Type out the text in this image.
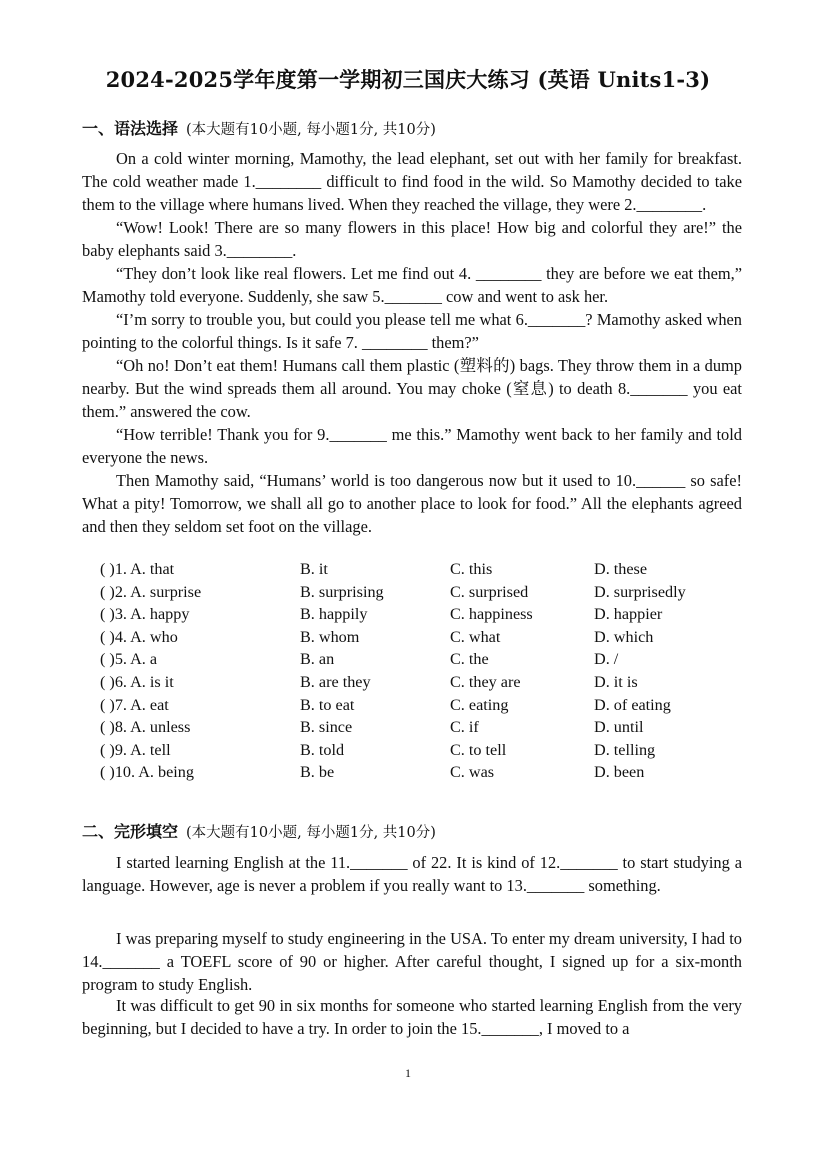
2024-2025学年度第一学期初三国庆大练习 (英语 Units1-3)
一、语法选择 (本大题有10小题, 每小题1分, 共10分)

On a cold winter morning, Mamothy, the lead elephant, set out with her family for breakfast. The cold weather made 1.________ difficult to find food in the wild. So Mamothy decided to take them to the village where humans lived. When they reached the village, they were 2.________.

“Wow! Look! There are so many flowers in this place! How big and colorful they are!” the baby elephants said 3.________.

“They don’t look like real flowers. Let me find out 4. ________ they are before we eat them,” Mamothy told everyone. Suddenly, she saw 5._______ cow and went to ask her.

“I’m sorry to trouble you, but could you please tell me what 6._______? Mamothy asked when pointing to the colorful things. Is it safe 7. ________ them?”

“Oh no! Don’t eat them! Humans call them plastic (塑料的) bags. They throw them in a dump nearby. But the wind spreads them all around. You may choke (窒息) to death 8._______ you eat them.” answered the cow.

“How terrible! Thank you for 9._______ me this.” Mamothy went back to her family and told everyone the news.

Then Mamothy said, “Humans’ world is too dangerous now but it used to 10.______ so safe! What a pity! Tomorrow, we shall all go to another place to look for food.” All the elephants agreed and then they seldom set foot on the village.

( )1. A. that	B. it	C. this	D. these
( )2. A. surprise	B. surprising	C. surprised	D. surprisedly
( )3. A. happy	B. happily	C. happiness	D. happier
( )4. A. who	B. whom	C. what	D. which
( )5. A. a	B. an	C. the	D. /
( )6. A. is it	B. are they	C. they are	D. it is
( )7. A. eat	B. to eat	C. eating	D. of eating
( )8. A. unless	B. since	C. if	D. until
( )9. A. tell	B. told	C. to tell	D. telling
( )10. A. being	B. be	C. was	D. been
二、完形填空 (本大题有10小题, 每小题1分, 共10分)

I started learning English at the 11._______ of 22. It is kind of 12._______ to start studying a language. However, age is never a problem if you really want to 13._______ something.

I was preparing myself to study engineering in the USA. To enter my dream university, I had to 14._______ a TOEFL score of 90 or higher. After careful thought, I signed up for a six-month program to study English.

It was difficult to get 90 in six months for someone who started learning English from the very beginning, but I decided to have a try. In order to join the 15._______, I moved to a

1
